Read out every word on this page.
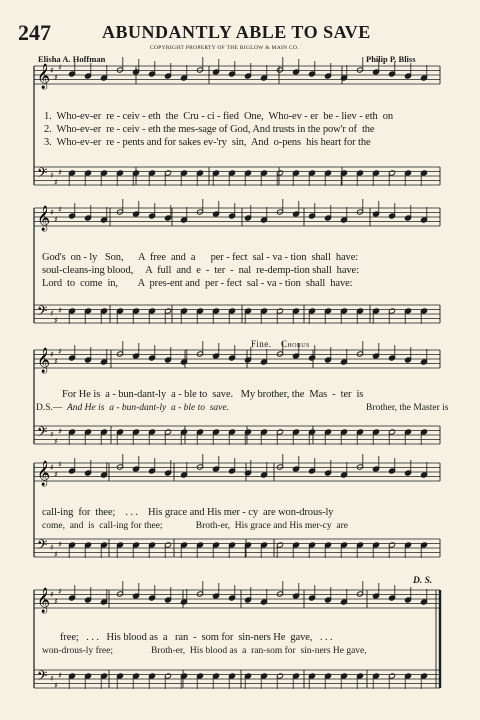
247	ABUNDANTLY ABLE TO SAVE
COPYRIGHT PROPERTY OF THE BIGLOW & MAIN CO.
Elisha A. Hoffman	Philip P. Bliss
𝄞
𝄢
♯
♯
♯
♯
♯
♯
𝄞
𝄢
♯
♯
♯
♯
♯
♯
𝄞
𝄢
♯
♯
♯
♯
♯
♯
𝄞
𝄢
♯
♯
♯
♯
♯
♯
𝄞
𝄢
♯
♯
♯
♯
♯
♯
1.  Who-ev-er  re - ceiv - eth  the  Cru - ci - fied  One,  Who-ev - er  be - liev - eth  on
2.  Who-ev-er  re - ceiv - eth the mes-sage of God, And trusts in the pow'r of  the
3.  Who-ev-er  re - pents and for sakes ev-'ry  sin,  And  o-pens  his heart for the
God's  on - ly   Son,      A  free  and  a      per - fect  sal - va - tion  shall  have:
soul-cleans-ing blood,     A  full  and  e  -  ter  -  nal  re-demp-tion shall  have:
Lord  to  come  in,        A  pres-ent and  per - fect  sal - va - tion  shall  have:
Fine. Chorus
For He is  a - bun-dant-ly  a - ble to  save.   My brother, the  Mas  -  ter  is
D.S.— And He is  a - bun-dant-ly  a - ble to  save.	Brother, the Master is
call-ing  for  thee;    . . .    His grace and His mer - cy  are won-drous-ly
come,  and  is  call-ing for thee;              Broth-er,  His grace and His mer-cy  are
D. S.
free;   . . .   His blood as  a   ran  -  som for  sin-ners He  gave,   . . .
won-drous-ly free;                Broth-er,  His blood as  a  ran-som for  sin-ners He gave,
